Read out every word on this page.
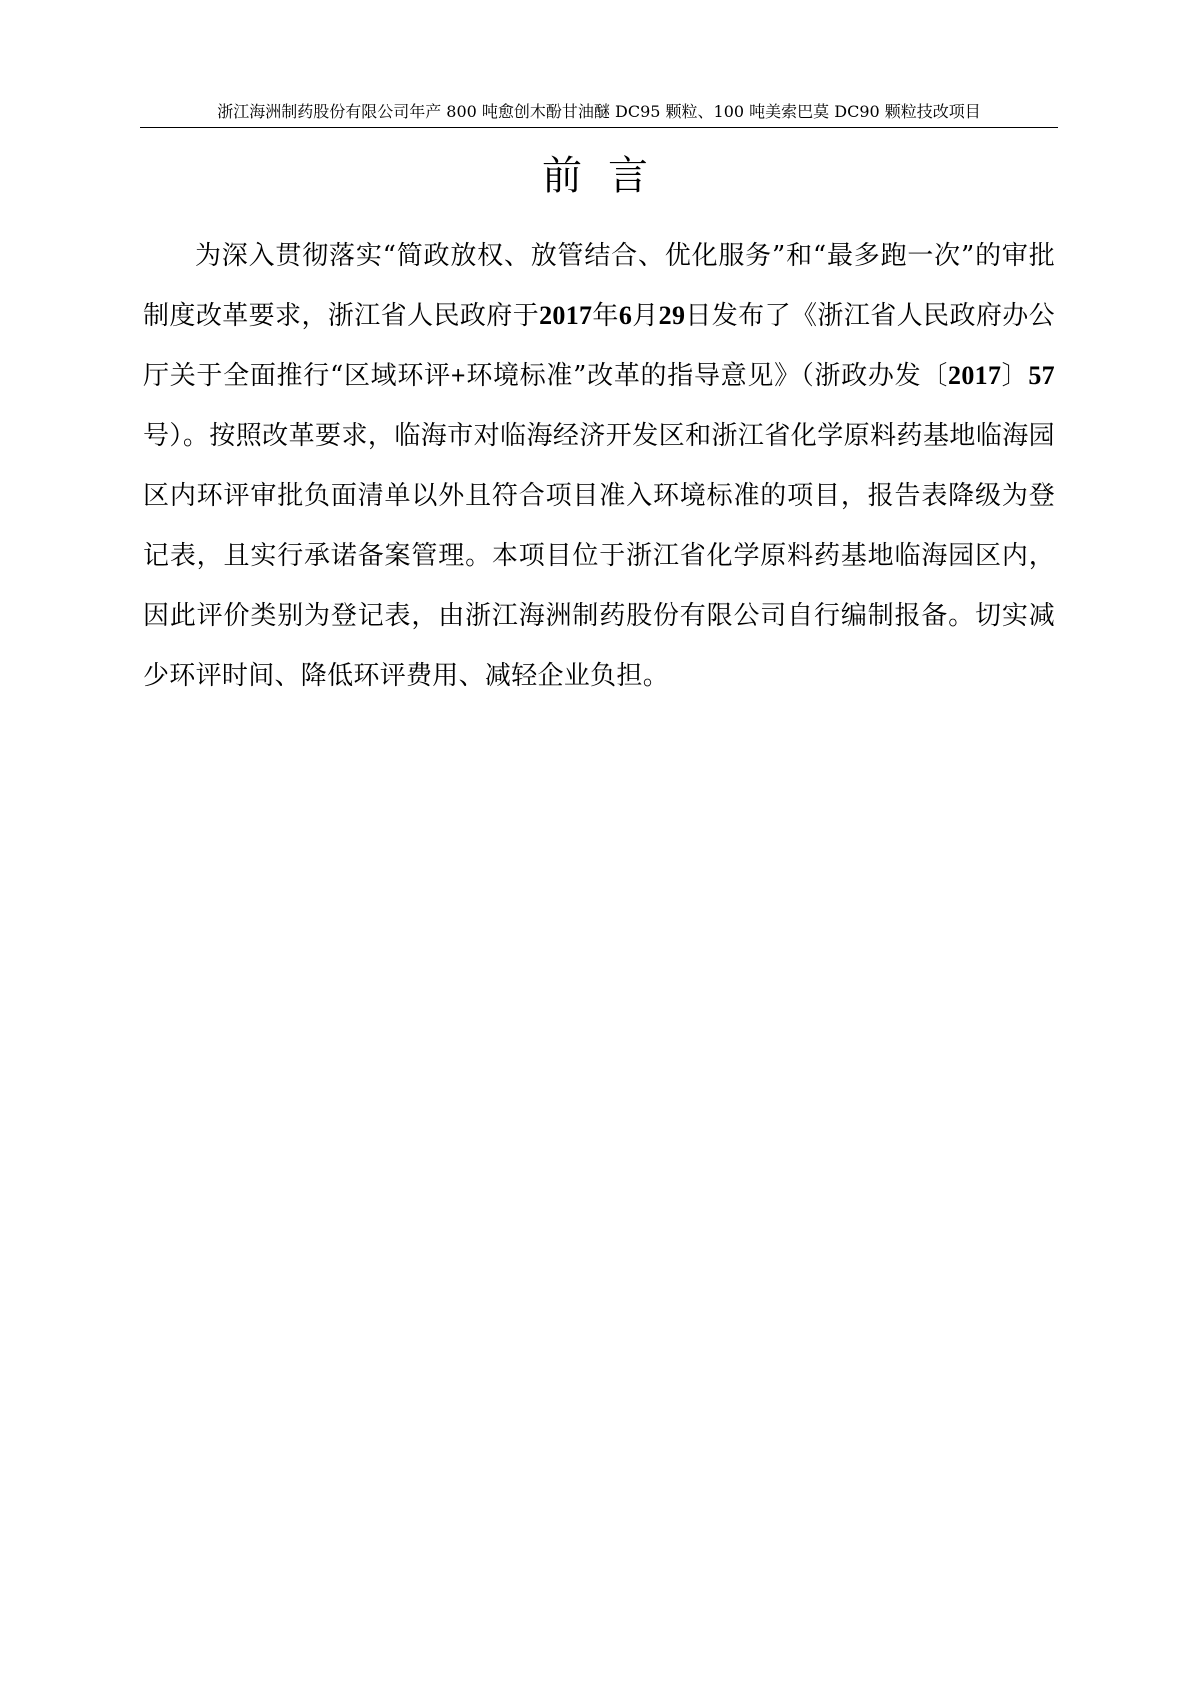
浙江海洲制药股份有限公司年产 800 吨愈创木酚甘油醚 DC95 颗粒、100 吨美索巴莫 DC90 颗粒技改项目
前言

为深入贯彻落实“简政放权、放管结合、优化服务”和“最多跑一次”的审批制度改革要求，浙江省人民政府于2017年6月29日发布了《浙江省人民政府办公厅关于全面推行“区域环评+环境标准”改革的指导意见》（浙政办发〔2017〕57号）。按照改革要求，临海市对临海经济开发区和浙江省化学原料药基地临海园区内环评审批负面清单以外且符合项目准入环境标准的项目，报告表降级为登记表，且实行承诺备案管理。本项目位于浙江省化学原料药基地临海园区内，因此评价类别为登记表，由浙江海洲制药股份有限公司自行编制报备。切实减少环评时间、降低环评费用、减轻企业负担。
